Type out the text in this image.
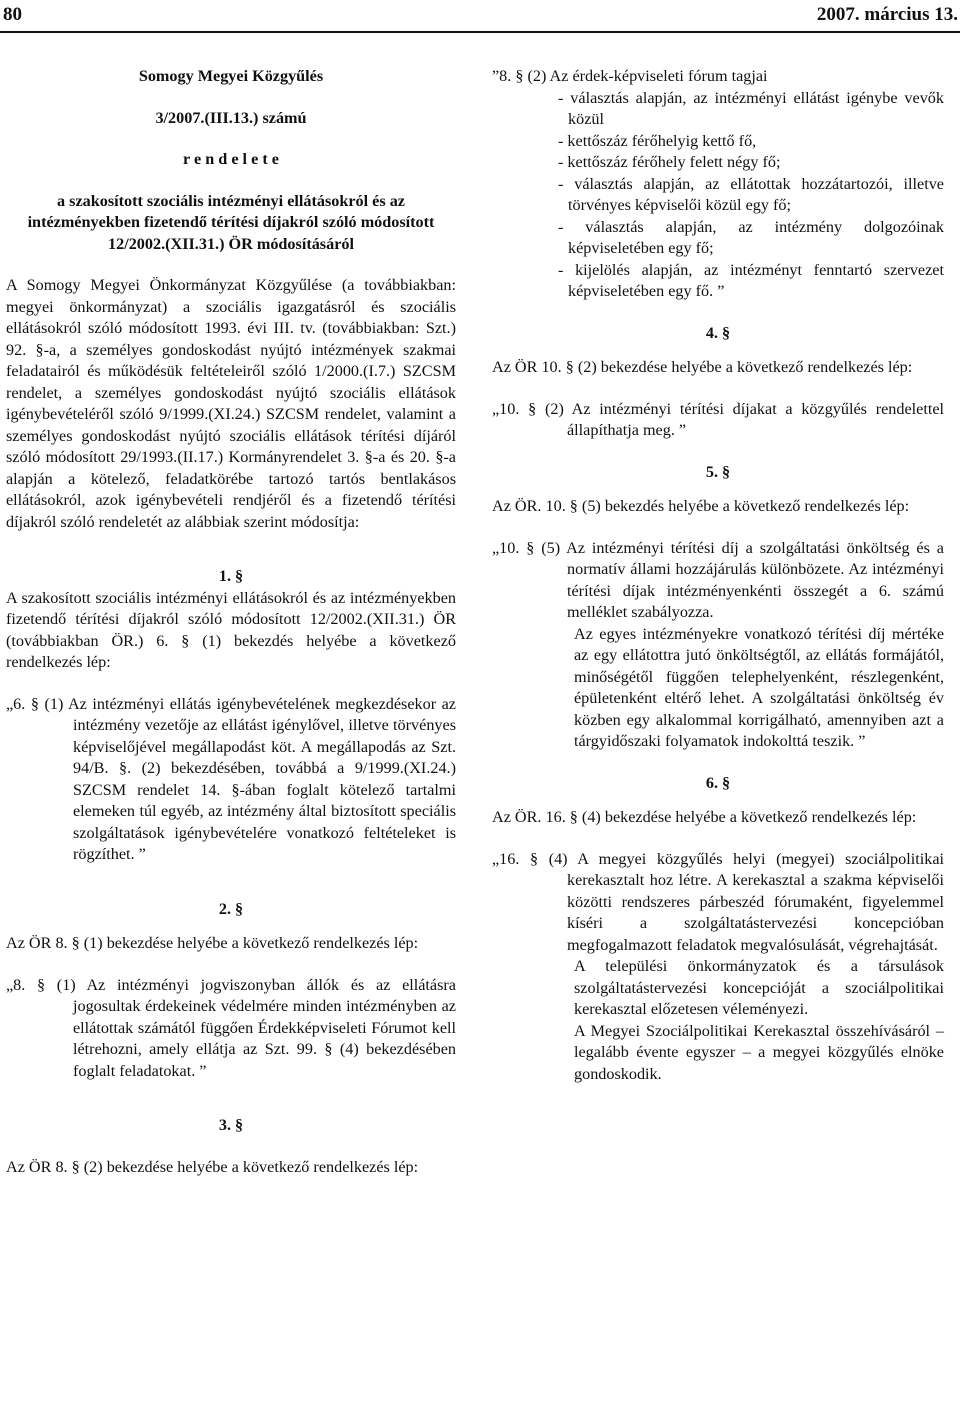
80	2007. március 13.

Somogy Megyei Közgyűlés

3/2007.(III.13.) számú

r e n d e l e t e

a szakosított szociális intézményi ellátásokról és az intézményekben fizetendő térítési díjakról szóló módosított 12/2002.(XII.31.) ÖR módosításáról

A Somogy Megyei Önkormányzat Közgyűlése (a továbbiakban: megyei önkormányzat) a szociális igazgatásról és szociális ellátásokról szóló módosított 1993. évi III. tv. (továbbiakban: Szt.) 92. §-a, a személyes gondoskodást nyújtó intézmények szakmai feladatairól és működésük feltételeiről szóló 1/2000.(I.7.) SZCSM rendelet, a személyes gondoskodást nyújtó szociális ellátások igénybevételéről szóló 9/1999.(XI.24.) SZCSM rendelet, valamint a személyes gondoskodást nyújtó szociális ellátások térítési díjáról szóló módosított 29/1993.(II.17.) Kormányrendelet 3. §-a és 20. §-a alapján a kötelező, feladatkörébe tartozó tartós bentlakásos ellátásokról, azok igénybevételi rendjéről és a fizetendő térítési díjakról szóló rendeletét az alábbiak szerint módosítja:

1. §

A szakosított szociális intézményi ellátásokról és az intézményekben fizetendő térítési díjakról szóló módosított 12/2002.(XII.31.) ÖR (továbbiakban ÖR.) 6. § (1) bekezdés helyébe a következő rendelkezés lép:

„6. § (1) Az intézményi ellátás igénybevételének megkezdésekor az intézmény vezetője az ellátást igénylővel, illetve törvényes képviselőjével megállapodást köt. A megállapodás az Szt. 94/B. §. (2) bekezdésében, továbbá a 9/1999.(XI.24.) SZCSM rendelet 14. §-ában foglalt kötelező tartalmi elemeken túl egyéb, az intézmény által biztosított speciális szolgáltatások igénybevételére vonatkozó feltételeket is rögzíthet. ”

2. §

Az ÖR 8. § (1) bekezdése helyébe a következő rendelkezés lép:

„8. § (1) Az intézményi jogviszonyban állók és az ellátásra jogosultak érdekeinek védelmére minden intézményben az ellátottak számától függően Érdekképviseleti Fórumot kell létrehozni, amely ellátja az Szt. 99. § (4) bekezdésében foglalt feladatokat. ”

3. §

Az ÖR 8. § (2) bekezdése helyébe a következő rendelkezés lép:

”8. § (2) Az érdek-képviseleti fórum tagjai

- választás alapján, az intézményi ellátást igénybe vevők közül
- kettőszáz férőhelyig kettő fő,
- kettőszáz férőhely felett négy fő;
- választás alapján, az ellátottak hozzátartozói, illetve törvényes képviselői közül egy fő;
- választás alapján, az intézmény dolgozóinak képviseletében egy fő;
- kijelölés alapján, az intézményt fenntartó szervezet képviseletében egy fő. ”

4. §

Az ÖR 10. § (2) bekezdése helyébe a következő rendelkezés lép:

„10. § (2) Az intézményi térítési díjakat a közgyűlés rendelettel állapíthatja meg. ”

5. §

Az ÖR. 10. § (5) bekezdés helyébe a következő rendelkezés lép:

„10. § (5) Az intézményi térítési díj a szolgáltatási önköltség és a normatív állami hozzájárulás különbözete. Az intézményi térítési díjak intézményenkénti összegét a 6. számú melléklet szabályozza.

Az egyes intézményekre vonatkozó térítési díj mértéke az egy ellátottra jutó önköltségtől, az ellátás formájától, minőségétől függően telephelyenként, részlegenként, épületenként eltérő lehet. A szolgáltatási önköltség év közben egy alkalommal korrigálható, amennyiben azt a tárgyidőszaki folyamatok indokolttá teszik. ”

6. §

Az ÖR. 16. § (4) bekezdése helyébe a következő rendelkezés lép:

„16. § (4) A megyei közgyűlés helyi (megyei) szociálpolitikai kerekasztalt hoz létre. A kerekasztal a szakma képviselői közötti rendszeres párbeszéd fórumaként, figyelemmel kíséri a szolgáltatástervezési koncepcióban megfogalmazott feladatok megvalósulását, végrehajtását.

A települési önkormányzatok és a társulások szolgáltatástervezési koncepcióját a szociálpolitikai kerekasztal előzetesen véleményezi.

A Megyei Szociálpolitikai Kerekasztal összehívásáról – legalább évente egyszer – a megyei közgyűlés elnöke gondoskodik.
